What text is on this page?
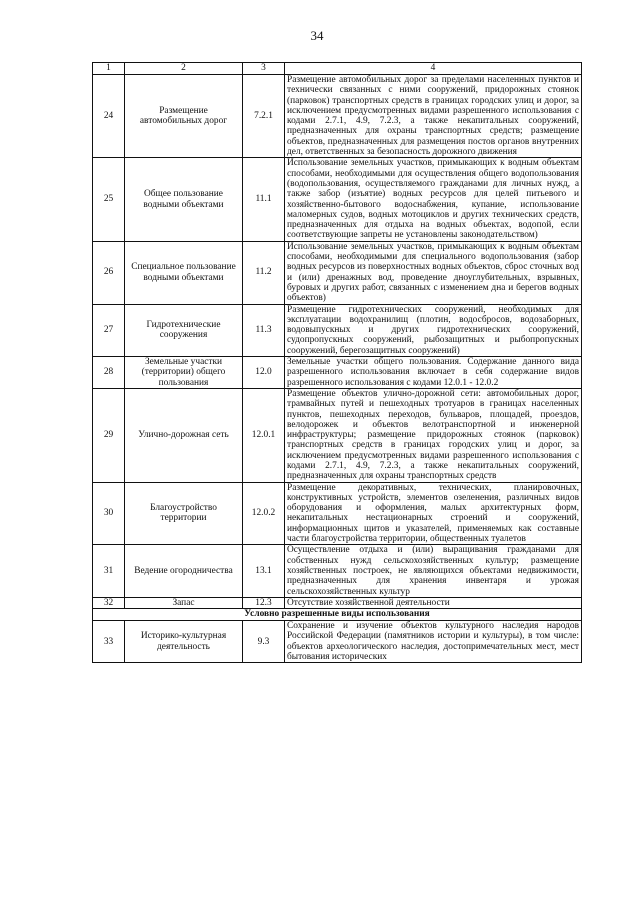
34
1	2	3	4
24	Размещение автомобильных дорог	7.2.1	Размещение автомобильных дорог за пределами населенных пунктов и технически связанных с ними сооружений, придорожных стоянок (парковок) транспортных средств в границах городских улиц и дорог, за исключением предусмотренных видами разрешенного использования с кодами 2.7.1, 4.9, 7.2.3, а также некапитальных сооружений, предназначенных для охраны транспортных средств; размещение объектов, предназначенных для размещения постов органов внутренних дел, ответственных за безопасность дорожного движения
25	Общее пользование водными объектами	11.1	Использование земельных участков, примыкающих к водным объектам способами, необходимыми для осуществления общего водопользования (водопользования, осуществляемого гражданами для личных нужд, а также забор (изъятие) водных ресурсов для целей питьевого и хозяйственно-бытового водоснабжения, купание, использование маломерных судов, водных мотоциклов и других технических средств, предназначенных для отдыха на водных объектах, водопой, если соответствующие запреты не установлены законодательством)
26	Специальное пользование водными объектами	11.2	Использование земельных участков, примыкающих к водным объектам способами, необходимыми для специального водопользования (забор водных ресурсов из поверхностных водных объектов, сброс сточных вод и (или) дренажных вод, проведение дноуглубительных, взрывных, буровых и других работ, связанных с изменением дна и берегов водных объектов)
27	Гидротехнические сооружения	11.3	Размещение гидротехнических сооружений, необходимых для эксплуатации водохранилищ (плотин, водосбросов, водозаборных, водовыпускных и других гидротехнических сооружений, судопропускных сооружений, рыбозащитных и рыбопропускных сооружений, берегозащитных сооружений)
28	Земельные участки (территории) общего пользования	12.0	Земельные участки общего пользования. Содержание данного вида разрешенного использования включает в себя содержание видов разрешенного использования с кодами 12.0.1 - 12.0.2
29	Улично-дорожная сеть	12.0.1	Размещение объектов улично-дорожной сети: автомобильных дорог, трамвайных путей и пешеходных тротуаров в границах населенных пунктов, пешеходных переходов, бульваров, площадей, проездов, велодорожек и объектов велотранспортной и инженерной инфраструктуры; размещение придорожных стоянок (парковок) транспортных средств в границах городских улиц и дорог, за исключением предусмотренных видами разрешенного использования с кодами 2.7.1, 4.9, 7.2.3, а также некапитальных сооружений, предназначенных для охраны транспортных средств
30	Благоустройство территории	12.0.2	Размещение декоративных, технических, планировочных, конструктивных устройств, элементов озеленения, различных видов оборудования и оформления, малых архитектурных форм, некапитальных нестационарных строений и сооружений, информационных щитов и указателей, применяемых как составные части благоустройства территории, общественных туалетов
31	Ведение огородничества	13.1	Осуществление отдыха и (или) выращивания гражданами для собственных нужд сельскохозяйственных культур; размещение хозяйственных построек, не являющихся объектами недвижимости, предназначенных для хранения инвентаря и урожая сельскохозяйственных культур
32	Запас	12.3	Отсутствие хозяйственной деятельности
Условно разрешенные виды использования			
33	Историко-культурная деятельность	9.3	Сохранение и изучение объектов культурного наследия народов Российской Федерации (памятников истории и культуры), в том числе: объектов археологического наследия, достопримечательных мест, мест бытования исторических
